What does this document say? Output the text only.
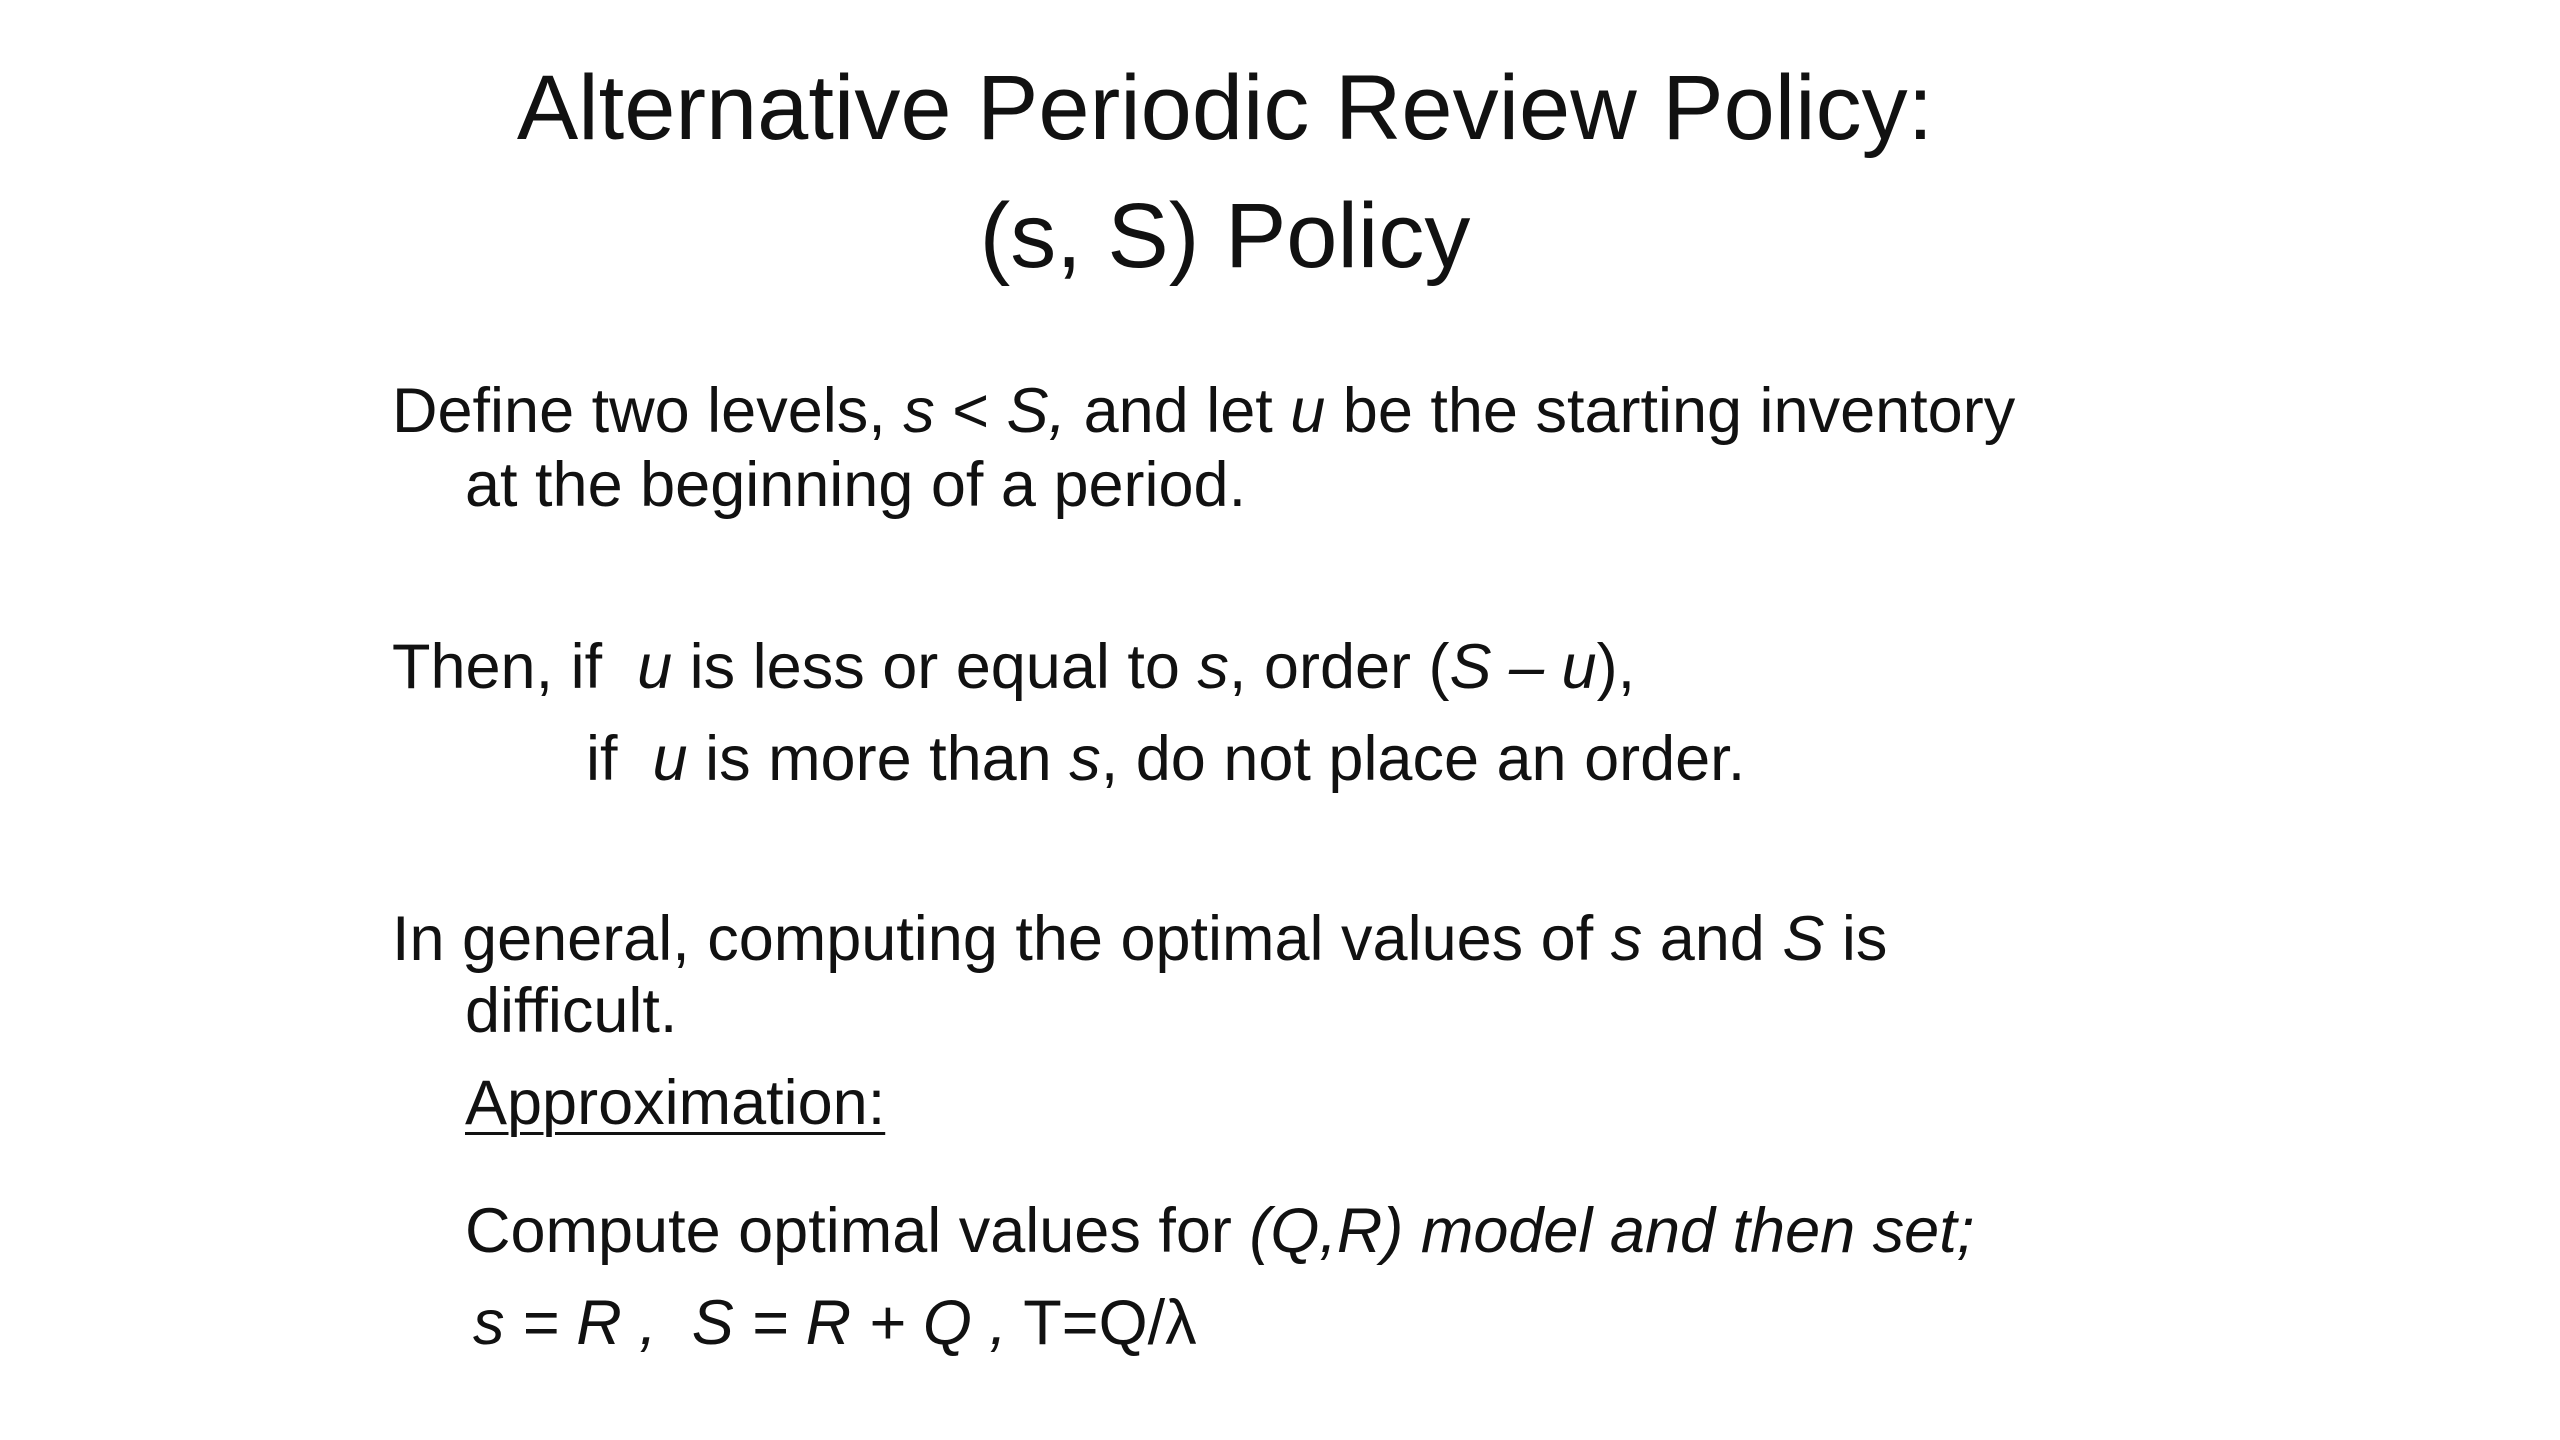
Alternative Periodic Review Policy:
(s, S) Policy
Define two levels, s < S, and let u be the starting inventory
at the beginning of a period.
Then, if  u is less or equal to s, order (S – u),
if  u is more than s, do not place an order.
In general, computing the optimal values of s and S is
difficult.
Approximation:
Compute optimal values for (Q,R) model and then set;
s = R ,  S = R + Q , T=Q/λ
